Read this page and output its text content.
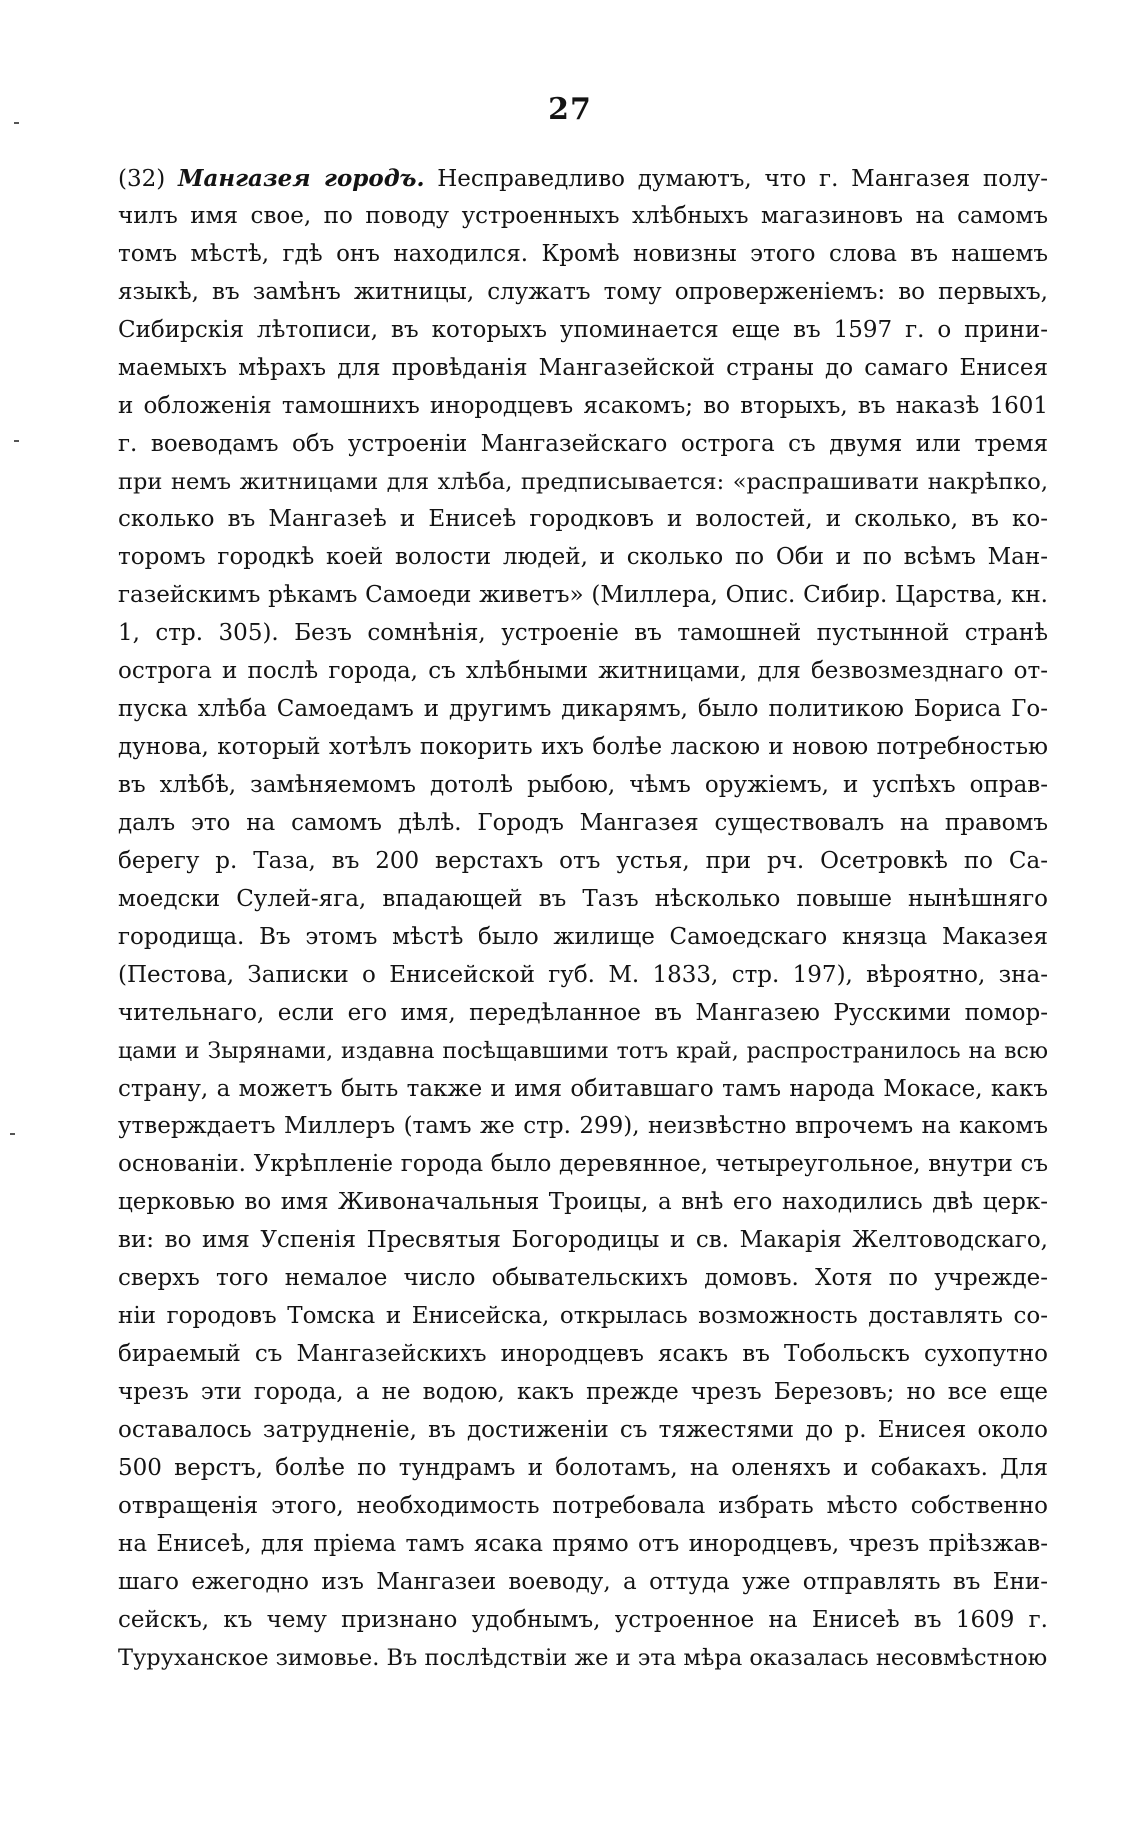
27
(32) Мангазея городъ. Несправедливо думаютъ, что г. Мангазея полу-
чилъ имя свое, по поводу устроенныхъ хлѣбныхъ магазиновъ на самомъ
томъ мѣстѣ, гдѣ онъ находился. Кромѣ новизны этого слова въ нашемъ
языкѣ, въ замѣнъ житницы, служатъ тому опроверженіемъ: во первыхъ,
Сибирскія лѣтописи, въ которыхъ упоминается еще въ 1597 г. о прини-
маемыхъ мѣрахъ для провѣданія Мангазейской страны до самаго Енисея
и обложенія тамошнихъ инородцевъ ясакомъ; во вторыхъ, въ наказѣ 1601
г. воеводамъ объ устроеніи Мангазейскаго острога съ двумя или тремя
при немъ житницами для хлѣба, предписывается: «распрашивати накрѣпко,
сколько въ Мангазеѣ и Енисеѣ городковъ и волостей, и сколько, въ ко-
торомъ городкѣ коей волости людей, и сколько по Оби и по всѣмъ Ман-
газейскимъ рѣкамъ Самоеди живетъ» (Миллера, Опис. Сибир. Царства, кн.
1, стр. 305). Безъ сомнѣнія, устроеніе въ тамошней пустынной странѣ
острога и послѣ города, съ хлѣбными житницами, для безвозмезднаго от-
пуска хлѣба Самоедамъ и другимъ дикарямъ, было политикою Бориса Го-
дунова, который хотѣлъ покорить ихъ болѣе ласкою и новою потребностью
въ хлѣбѣ, замѣняемомъ дотолѣ рыбою, чѣмъ оружіемъ, и успѣхъ оправ-
далъ это на самомъ дѣлѣ. Городъ Мангазея существовалъ на правомъ
берегу р. Таза, въ 200 верстахъ отъ устья, при рч. Осетровкѣ по Са-
моедски Сулей-яга, впадающей въ Тазъ нѣсколько повыше нынѣшняго
городища. Въ этомъ мѣстѣ было жилище Самоедскаго князца Маказея
(Пестова, Записки о Енисейской губ. М. 1833, стр. 197), вѣроятно, зна-
чительнаго, если его имя, передѣланное въ Мангазею Русскими помор-
цами и Зырянами, издавна посѣщавшими тотъ край, распространилось на всю
страну, а можетъ быть также и имя обитавшаго тамъ народа Мокасе, какъ
утверждаетъ Миллеръ (тамъ же стр. 299), неизвѣстно впрочемъ на какомъ
основаніи. Укрѣпленіе города было деревянное, четыреугольное, внутри съ
церковью во имя Живоначальныя Троицы, а внѣ его находились двѣ церк-
ви: во имя Успенія Пресвятыя Богородицы и св. Макарія Желтоводскаго,
сверхъ того немалое число обывательскихъ домовъ. Хотя по учрежде-
ніи городовъ Томска и Енисейска, открылась возможность доставлять со-
бираемый съ Мангазейскихъ инородцевъ ясакъ въ Тобольскъ сухопутно
чрезъ эти города, а не водою, какъ прежде чрезъ Березовъ; но все еще
оставалось затрудненіе, въ достиженіи съ тяжестями до р. Енисея около
500 верстъ, болѣе по тундрамъ и болотамъ, на оленяхъ и собакахъ. Для
отвращенія этого, необходимость потребовала избрать мѣсто собственно
на Енисеѣ, для пріема тамъ ясака прямо отъ инородцевъ, чрезъ пріѣзжав-
шаго ежегодно изъ Мангазеи воеводу, а оттуда уже отправлять въ Ени-
сейскъ, къ чему признано удобнымъ, устроенное на Енисеѣ въ 1609 г.
Туруханское зимовье. Въ послѣдствіи же и эта мѣра оказалась несовмѣстною
